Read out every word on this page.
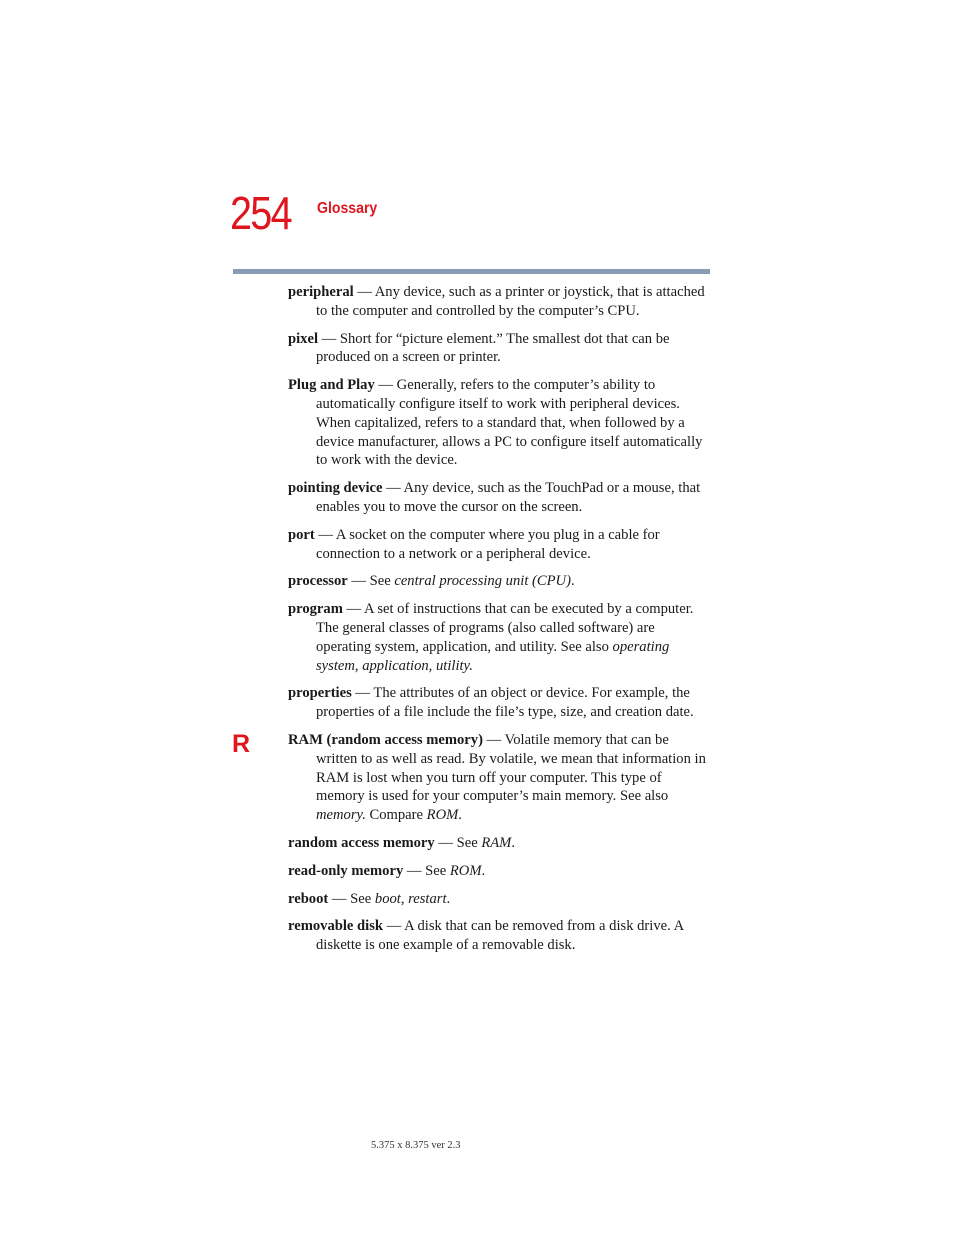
254 Glossary
R

peripheral — Any device, such as a printer or joystick, that is attached to the computer and controlled by the computer’s CPU.

pixel — Short for “picture element.” The smallest dot that can be produced on a screen or printer.

Plug and Play — Generally, refers to the computer’s ability to automatically configure itself to work with peripheral devices. When capitalized, refers to a standard that, when followed by a device manufacturer, allows a PC to configure itself automatically to work with the device.

pointing device — Any device, such as the TouchPad or a mouse, that enables you to move the cursor on the screen.

port — A socket on the computer where you plug in a cable for connection to a network or a peripheral device.

processor — See central processing unit (CPU).

program — A set of instructions that can be executed by a computer. The general classes of programs (also called software) are operating system, application, and utility. See also operating system, application, utility.

properties — The attributes of an object or device. For example, the properties of a file include the file’s type, size, and creation date.

RAM (random access memory) — Volatile memory that can be written to as well as read. By volatile, we mean that information in RAM is lost when you turn off your computer. This type of memory is used for your computer’s main memory. See also memory. Compare ROM.

random access memory — See RAM.

read-only memory — See ROM.

reboot — See boot, restart.

removable disk — A disk that can be removed from a disk drive. A diskette is one example of a removable disk.

5.375 x 8.375 ver 2.3
